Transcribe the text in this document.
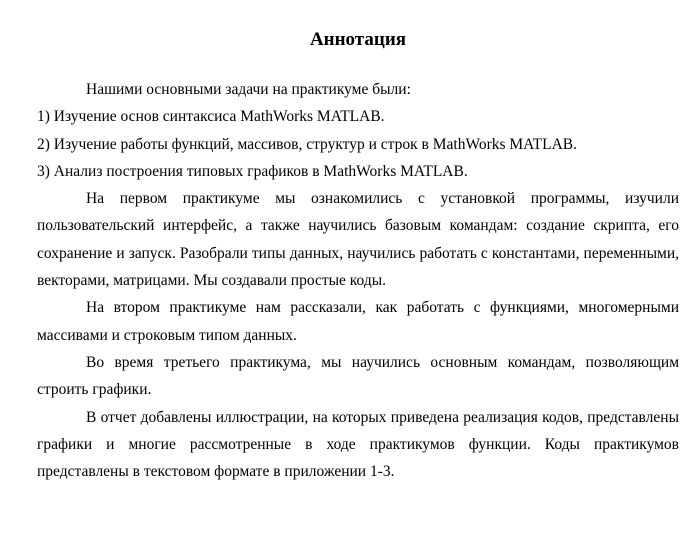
Аннотация

Нашими основными задачи на практикуме были:

1) Изучение основ синтаксиса MathWorks MATLAB.

2) Изучение работы функций, массивов, структур и строк в MathWorks MATLAB.

3) Анализ построения типовых графиков в MathWorks MATLAB.

На первом практикуме мы ознакомились с установкой программы, изучили пользовательский интерфейс, а также научились базовым командам: создание скрипта, его сохранение и запуск. Разобрали типы данных, научились работать с константами, переменными, векторами, матрицами. Мы создавали простые коды.

На втором практикуме нам рассказали, как работать с функциями, многомерными массивами и строковым типом данных.

Во время третьего практикума, мы научились основным командам, позволяющим строить графики.

В отчет добавлены иллюстрации, на которых приведена реализация кодов, представлены графики и многие рассмотренные в ходе практикумов функции. Коды практикумов представлены в текстовом формате в приложении 1-3.
